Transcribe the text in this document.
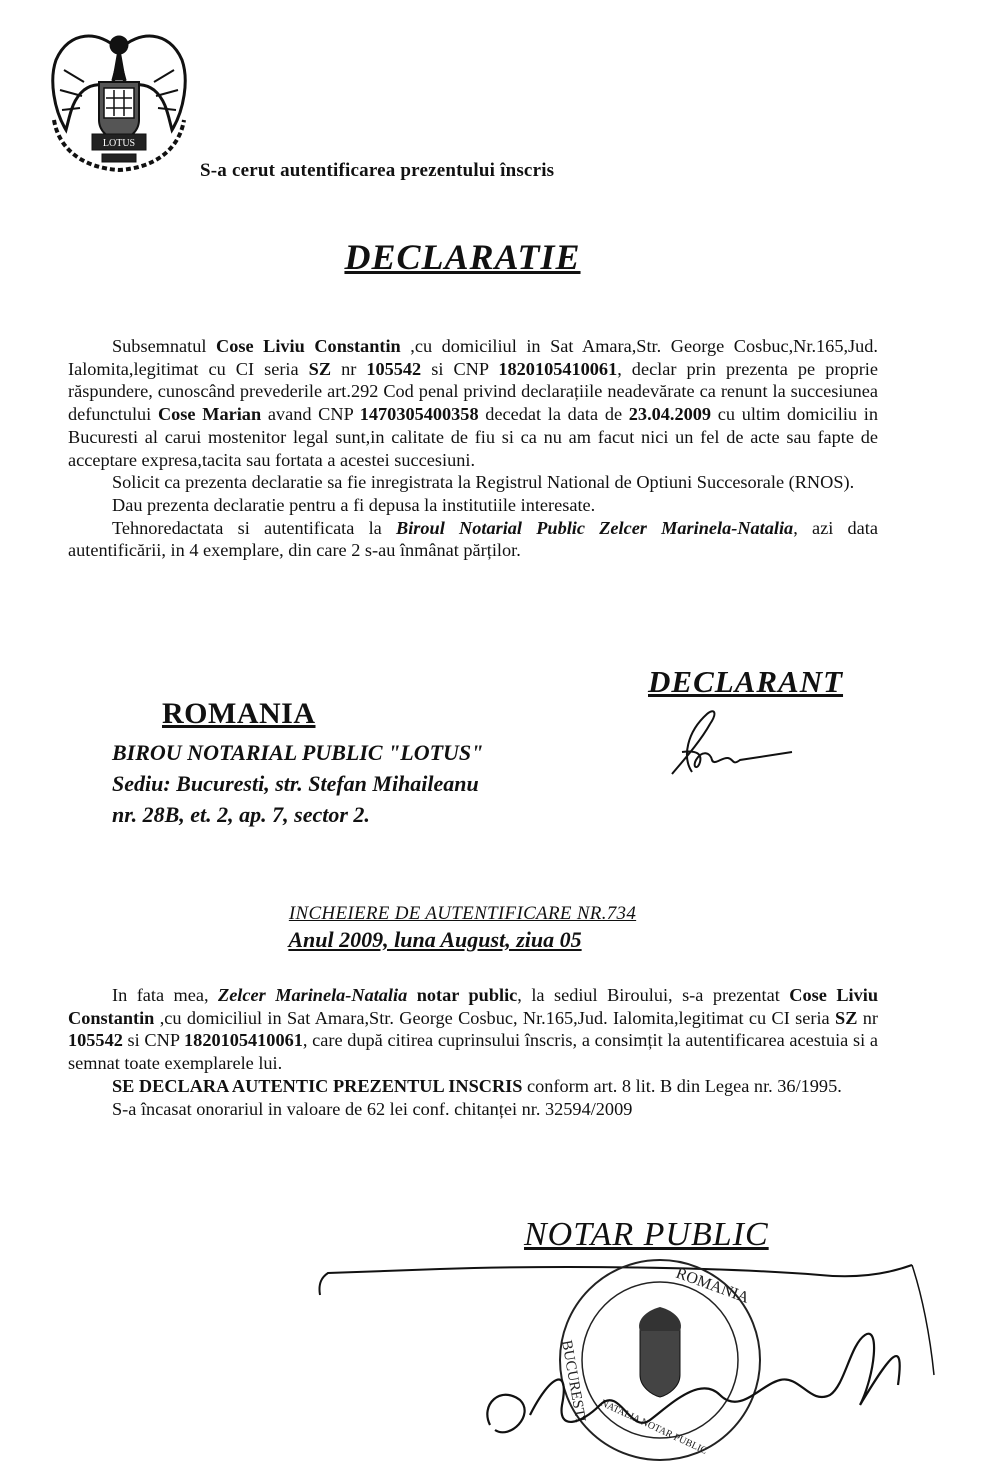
LOTUS
S-a cerut autentificarea prezentului înscris
DECLARATIE

Subsemnatul Cose Liviu Constantin ,cu domiciliul in Sat Amara,Str. George Cosbuc,Nr.165,Jud. Ialomita,legitimat cu CI seria SZ nr 105542 si CNP 1820105410061, declar prin prezenta pe proprie răspundere, cunoscând prevederile art.292 Cod penal privind declarațiile neadevărate ca renunt la succesiunea defunctului Cose Marian avand CNP 1470305400358 decedat la data de 23.04.2009 cu ultim domiciliu in Bucuresti al carui mostenitor legal sunt,in calitate de fiu si ca nu am facut nici un fel de acte sau fapte de acceptare expresa,tacita sau fortata a acestei succesiuni.

Solicit ca prezenta declaratie sa fie inregistrata la Registrul National de Optiuni Succesorale (RNOS).

Dau prezenta declaratie pentru a fi depusa la institutiile interesate.

Tehnoredactata si autentificata la Biroul Notarial Public Zelcer Marinela-Natalia, azi data autentificării, in 4 exemplare, din care 2 s-au înmânat părților.

DECLARANT
ROMANIA
BIROU NOTARIAL PUBLIC "LOTUS"
Sediu: Bucuresti, str. Stefan Mihaileanu
nr. 28B, et. 2, ap. 7, sector 2.
INCHEIERE DE AUTENTIFICARE NR.734
Anul 2009, luna August, ziua 05

In fata mea, Zelcer Marinela-Natalia notar public, la sediul Biroului, s-a prezentat Cose Liviu Constantin ,cu domiciliul in Sat Amara,Str. George Cosbuc, Nr.165,Jud. Ialomita,legitimat cu CI seria SZ nr 105542 si CNP 1820105410061, care după citirea cuprinsului înscris, a consimțit la autentificarea acestuia si a semnat toate exemplarele lui.

SE DECLARA AUTENTIC PREZENTUL INSCRIS conform art. 8 lit. B din Legea nr. 36/1995.

S-a încasat onorariul in valoare de 62 lei conf. chitanței nr. 32594/2009

NOTAR PUBLIC
ROMANIA
BUCURESTI
NATALIA NOTAR PUBLIC
